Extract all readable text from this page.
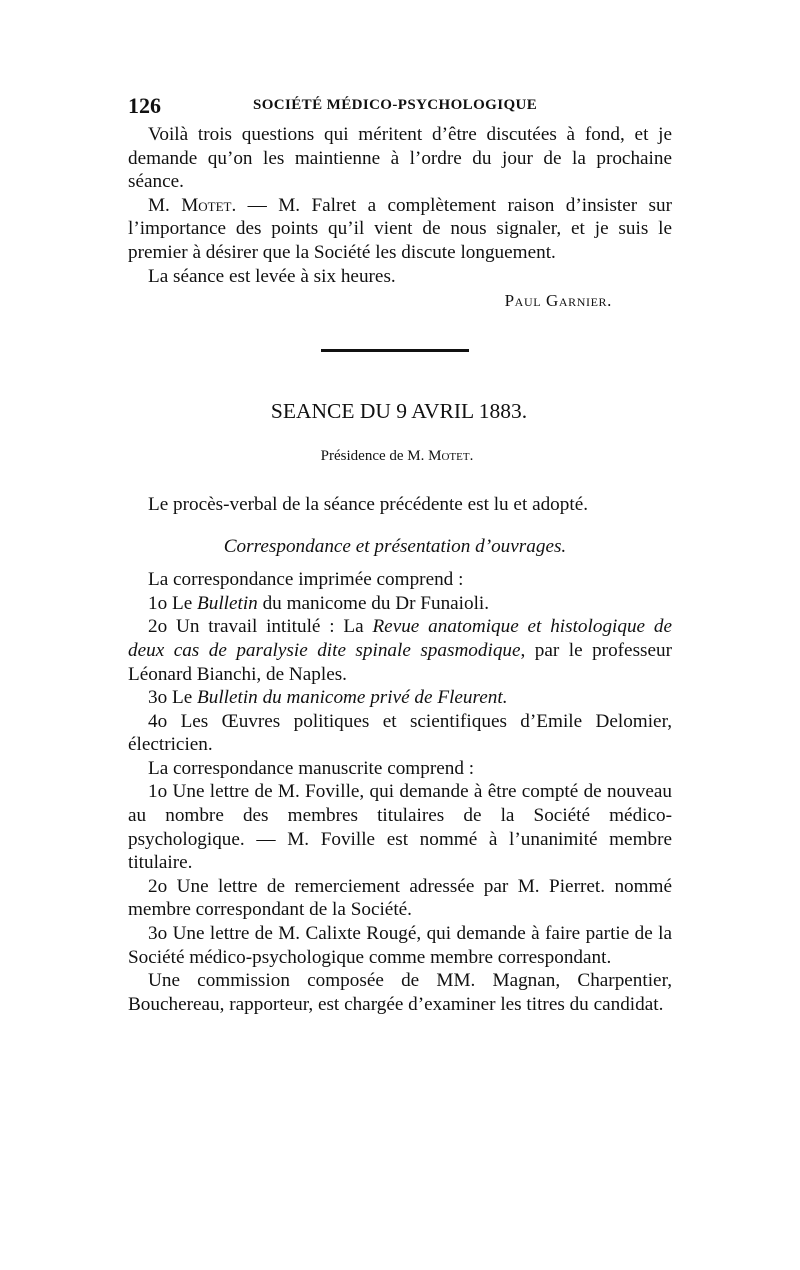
126	SOCIÉTÉ MÉDICO-PSYCHOLOGIQUE

Voilà trois questions qui méritent d’être discutées à fond, et je demande qu’on les maintienne à l’ordre du jour de la prochaine séance.

M. Motet. — M. Falret a complètement raison d’insister sur l’importance des points qu’il vient de nous signaler, et je suis le premier à désirer que la Société les discute longuement.

La séance est levée à six heures.

Paul Garnier.

SEANCE DU 9 AVRIL 1883.

Présidence de M. Motet.

Le procès-verbal de la séance précédente est lu et adopté.

Correspondance et présentation d’ouvrages.

La correspondance imprimée comprend :

1o Le Bulletin du manicome du Dr Funaioli.

2o Un travail intitulé : La Revue anatomique et histologique de deux cas de paralysie dite spinale spasmodique, par le professeur Léonard Bianchi, de Naples.

3o Le Bulletin du manicome privé de Fleurent.

4o Les Œuvres politiques et scientifiques d’Emile Delomier, électricien.

La correspondance manuscrite comprend :

1o Une lettre de M. Foville, qui demande à être compté de nouveau au nombre des membres titulaires de la Société médico-psychologique. — M. Foville est nommé à l’unanimité membre titulaire.

2o Une lettre de remerciement adressée par M. Pierret. nommé membre correspondant de la Société.

3o Une lettre de M. Calixte Rougé, qui demande à faire partie de la Société médico-psychologique comme membre correspondant.

Une commission composée de MM. Magnan, Charpentier, Bouchereau, rapporteur, est chargée d’examiner les titres du candidat.
